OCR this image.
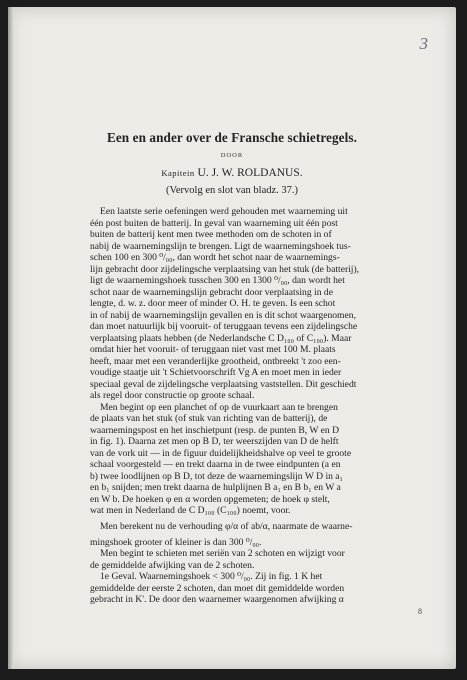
3
Een en ander over de Fransche schietregels.
DOOR
Kapitein U. J. W. ROLDANUS.
(Vervolg en slot van bladz. 37.)
Een laatste serie oefeningen werd gehouden met waarneming uit
één post buiten de batterij. In geval van waarneming uit één post
buiten de batterij kent men twee methoden om de schoten in of
nabij de waarnemingslijn te brengen. Ligt de waarnemingshoek tus-
schen 100 en 300 ⁰/₀₀, dan wordt het schot naar de waarnemings-
lijn gebracht door zijdelingsche verplaatsing van het stuk (de batterij),
ligt de waarnemingshoek tusschen 300 en 1300 ⁰/₀₀, dan wordt het
schot naar de waarnemingslijn gebracht door verplaatsing in de
lengte, d. w. z. door meer of minder O. H. te geven. Is een schot
in of nabij de waarnemingslijn gevallen en is dit schot waargenomen,
dan moet natuurlijk bij vooruit- of teruggaan tevens een zijdelingsche
verplaatsing plaats hebben (de Nederlandsche C D₁₀₀ of C₁₀₀). Maar
omdat hier het vooruit- of teruggaan niet vast met 100 M. plaats
heeft, maar met een veranderlijke grootheid, ontbreekt 't zoo een-
voudige staatje uit 't Schietvoorschrift Vg A en moet men in ieder
speciaal geval de zijdelingsche verplaatsing vaststellen. Dit geschiedt
als regel door constructie op groote schaal.
Men begint op een planchet of op de vuurkaart aan te brengen
de plaats van het stuk (of stuk van richting van de batterij), de
waarnemingspost en het inschietpunt (resp. de punten B, W en D
in fig. 1). Daarna zet men op B D, ter weerszijden van D de helft
van de vork uit — in de figuur duidelijkheidshalve op veel te groote
schaal voorgesteld — en trekt daarna in de twee eindpunten (a en
b) twee loodlijnen op B D, tot deze de waarnemingslijn W D in a₁
en b₁ snijden; men trekt daarna de hulplijnen B a₁ en B b₁ en W a
en W b. De hoeken φ en α worden opgemeten; de hoek φ stelt,
wat men in Nederland de C D₁₀₀ (C₁₀₀) noemt, voor.
Men berekent nu de verhouding φ/α of ab/α, naarmate de waarne-
mingshoek grooter of kleiner is dan 300 ⁰/₀₀.
Men begint te schieten met seriën van 2 schoten en wijzigt voor
de gemiddelde afwijking van de 2 schoten.
1e Geval. Waarnemingshoek < 300 ⁰/₀₀. Zij in fig. 1 K het
gemiddelde der eerste 2 schoten, dan moet dit gemiddelde worden
gebracht in K'. De door den waarnemer waargenomen afwijking α
8
